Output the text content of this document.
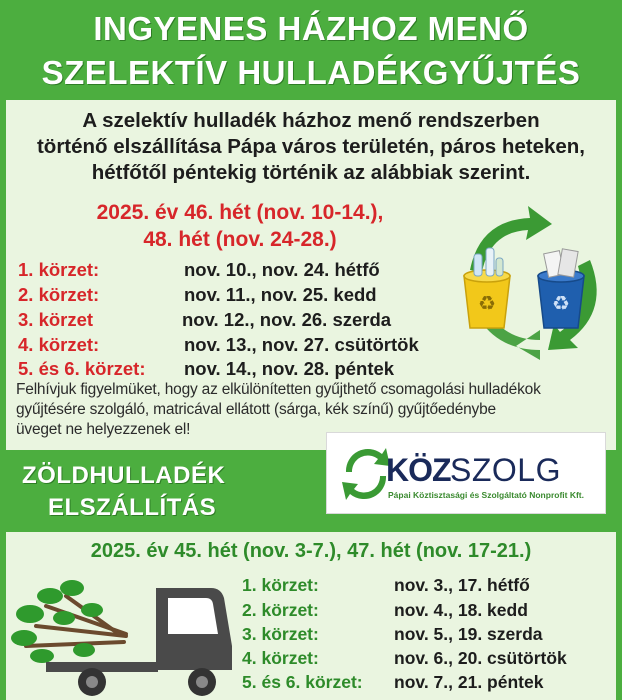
INGYENES HÁZHOZ MENŐ
SZELEKTÍV HULLADÉKGYŰJTÉS
A szelektív hulladék házhoz menő rendszerben
történő elszállítása Pápa város területén, páros heteken,
hétfőtől péntekig történik az alábbiak szerint.
2025. év 46. hét (nov. 10-14.),
48. hét (nov. 24-28.)
1. körzet:	nov. 10., nov. 24. hétfő
2. körzet:	nov. 11., nov. 25. kedd
3. körzet	nov. 12., nov. 26. szerda
4. körzet:	nov. 13., nov. 27. csütörtök
5. és 6. körzet: nov. 14., nov. 28. péntek
♻	♻
Felhívjuk figyelmüket, hogy az elkülönítetten gyűjthető csomagolási hulladékok
gyűjtésére szolgáló, matricával ellátott (sárga, kék színű) gyűjtőedénybe
üveget ne helyezzenek el!
KÖZ SZOLG
Pápai Köztisztasági és Szolgáltató Nonprofit Kft.
ZÖLDHULLADÉK
ELSZÁLLÍTÁS
2025. év 45. hét (nov. 3-7.), 47. hét (nov. 17-21.)
1. körzet:	nov. 3., 17. hétfő
2. körzet:	nov. 4., 18. kedd
3. körzet:	nov. 5., 19. szerda
4. körzet:	nov. 6., 20. csütörtök
5. és 6. körzet: nov. 7., 21. péntek
